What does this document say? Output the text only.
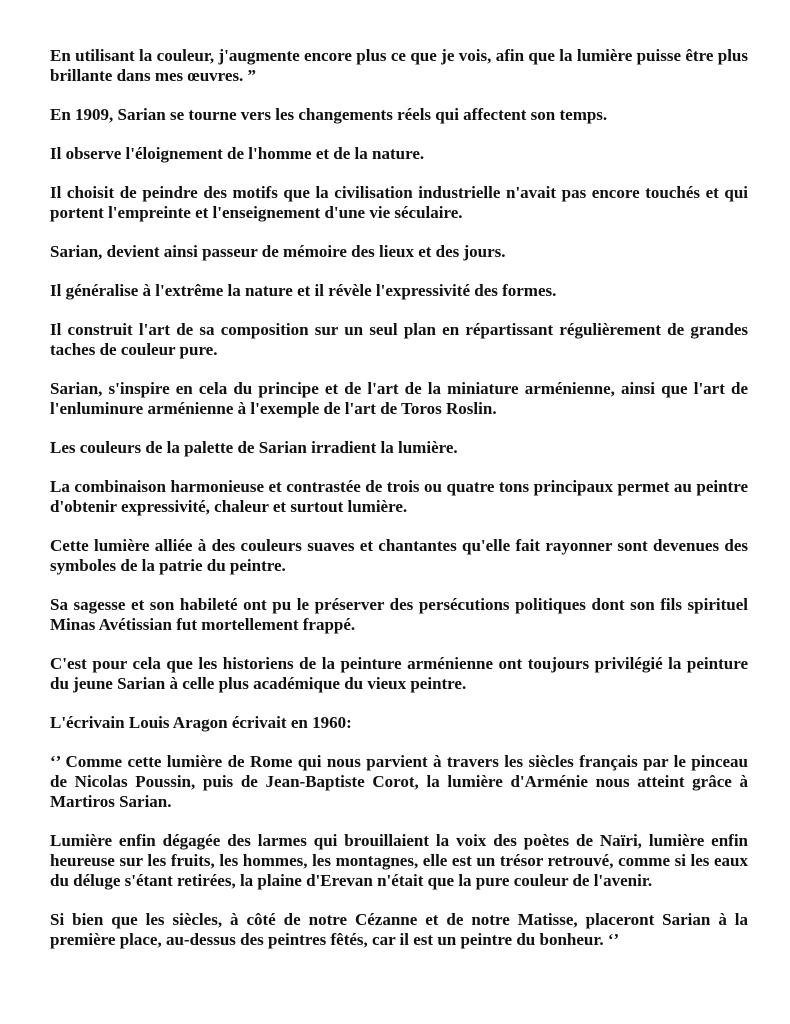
En utilisant la couleur, j'augmente encore plus ce que je vois, afin que la lumière puisse être plus brillante dans mes œuvres. ”

En 1909, Sarian se tourne vers les changements réels qui affectent son temps.

Il observe l'éloignement de l'homme et de la nature.

Il choisit de peindre des motifs que la civilisation industrielle n'avait pas encore touchés et qui portent l'empreinte et l'enseignement d'une vie séculaire.

Sarian, devient ainsi passeur de mémoire des lieux et des jours.

Il généralise à l'extrême la nature et il révèle l'expressivité des formes.

Il construit l'art de sa composition sur un seul plan en répartissant régulièrement de grandes taches de couleur pure.

Sarian, s'inspire en cela du principe et de l'art de la miniature arménienne, ainsi que l'art de l'enluminure arménienne à l'exemple de l'art de Toros Roslin.

Les couleurs de la palette de Sarian irradient la lumière.

La combinaison harmonieuse et contrastée de trois ou quatre tons principaux permet au peintre d'obtenir expressivité, chaleur et surtout lumière.

Cette lumière alliée à des couleurs suaves et chantantes qu'elle fait rayonner sont devenues des symboles de la patrie du peintre.

Sa sagesse et son habileté ont pu le préserver des persécutions politiques dont son fils spirituel Minas Avétissian fut mortellement frappé.

C'est pour cela que les historiens de la peinture arménienne ont toujours privilégié la peinture du jeune Sarian à celle plus académique du vieux peintre.

L'écrivain Louis Aragon écrivait en 1960:

‘’ Comme cette lumière de Rome qui nous parvient à travers les siècles français par le pinceau de Nicolas Poussin, puis de Jean-Baptiste Corot, la lumière d'Arménie nous atteint grâce à Martiros Sarian.

Lumière enfin dégagée des larmes qui brouillaient la voix des poètes de Naïri, lumière enfin heureuse sur les fruits, les hommes, les montagnes, elle est un trésor retrouvé, comme si les eaux du déluge s'étant retirées, la plaine d'Erevan n'était que la pure couleur de l'avenir.

Si bien que les siècles, à côté de notre Cézanne et de notre Matisse, placeront Sarian à la première place, au-dessus des peintres fêtés, car il est un peintre du bonheur. ‘’
